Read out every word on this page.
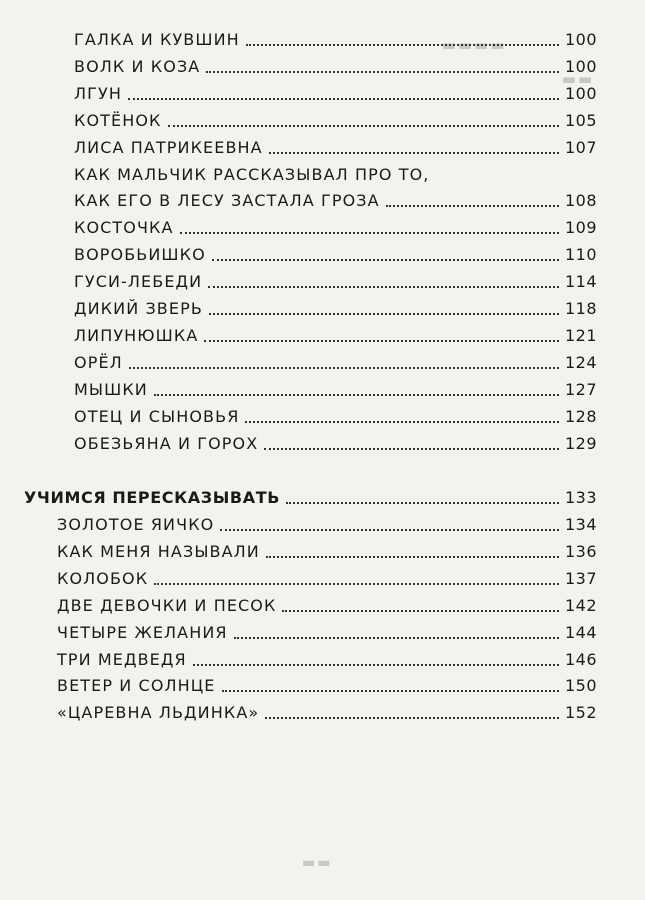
▬▬▬▬
▬▬
▬▬
ГАЛКА И КУВШИН	100
ВОЛК И КОЗА	100
ЛГУН	100
КОТЁНОК	105
ЛИСА ПАТРИКЕЕВНА	107
КАК МАЛЬЧИК РАССКАЗЫВАЛ ПРО ТО,
КАК ЕГО В ЛЕСУ ЗАСТАЛА ГРОЗА	108
КОСТОЧКА	109
ВОРОБЬИШКО	110
ГУСИ-ЛЕБЕДИ	114
ДИКИЙ ЗВЕРЬ	118
ЛИПУНЮШКА	121
ОРЁЛ	124
МЫШКИ	127
ОТЕЦ И СЫНОВЬЯ	128
ОБЕЗЬЯНА И ГОРОХ	129
УЧИМСЯ ПЕРЕСКАЗЫВАТЬ	133
ЗОЛОТОЕ ЯИЧКО	134
КАК МЕНЯ НАЗЫВАЛИ	136
КОЛОБОК	137
ДВЕ ДЕВОЧКИ И ПЕСОК	142
ЧЕТЫРЕ ЖЕЛАНИЯ	144
ТРИ МЕДВЕДЯ	146
ВЕТЕР И СОЛНЦЕ	150
«ЦАРЕВНА ЛЬДИНКА»	152
